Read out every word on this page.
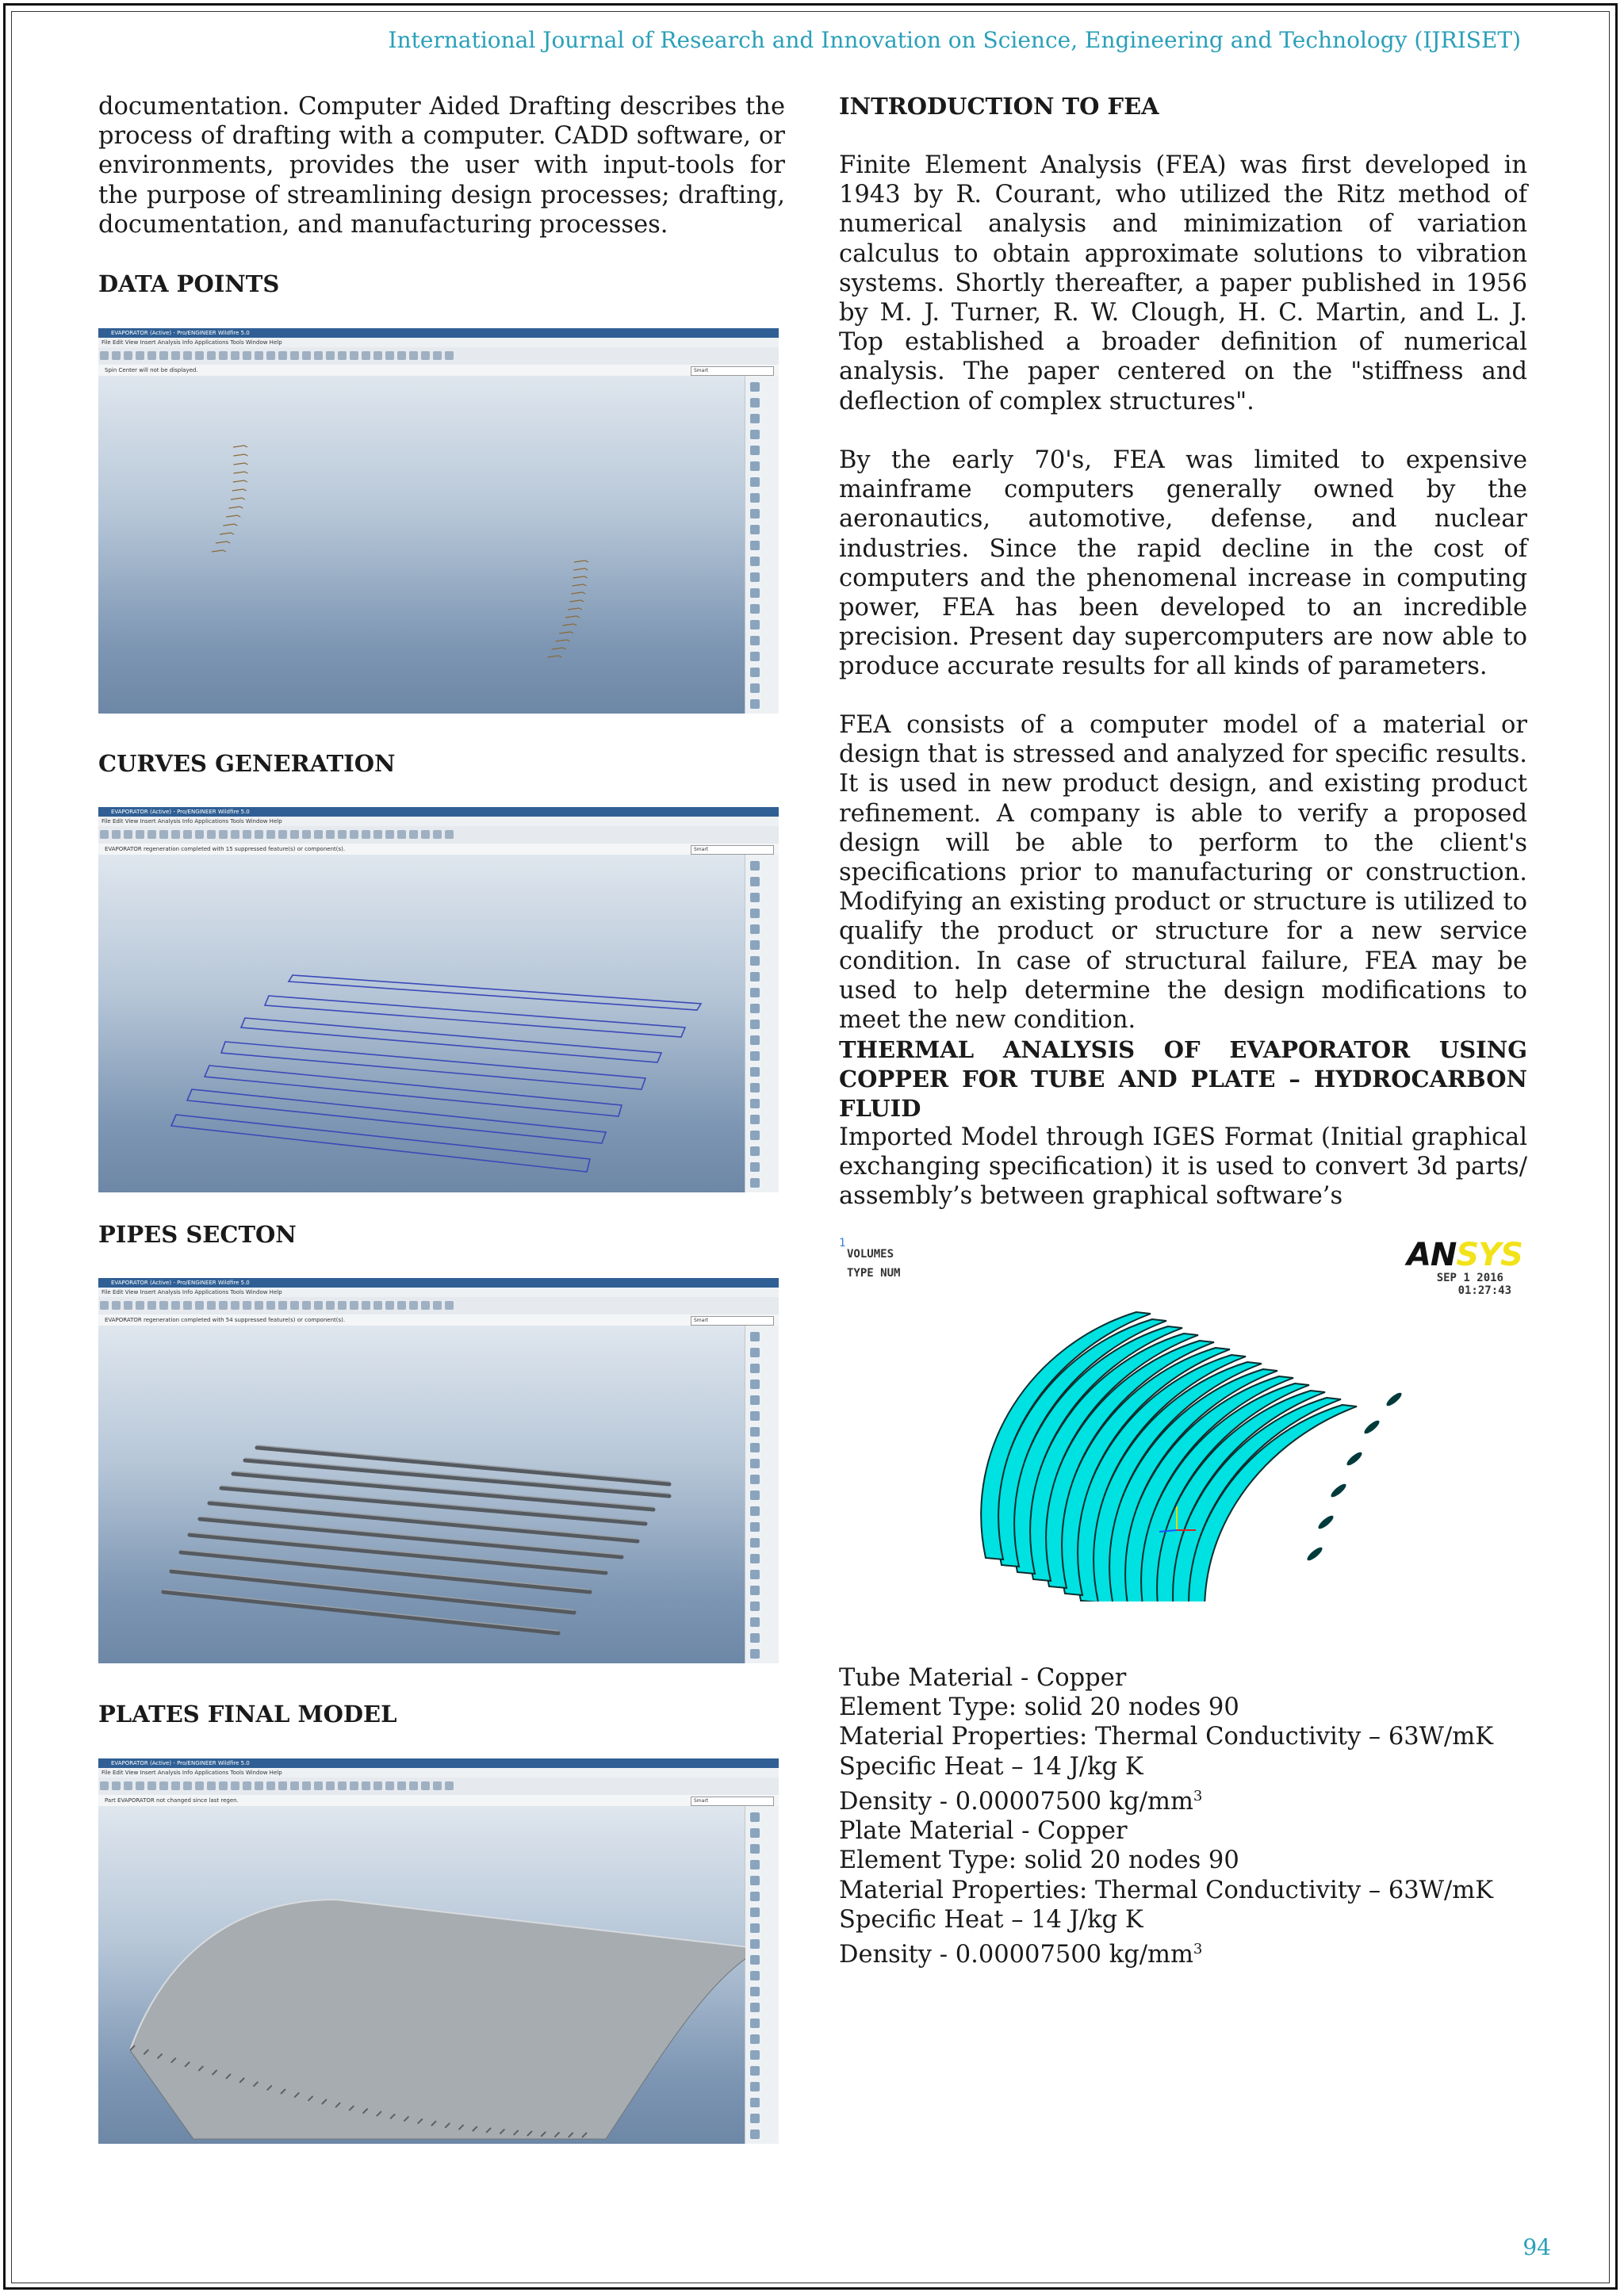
International Journal of Research and Innovation on Science, Engineering and Technology (IJRISET)

documentation. Computer Aided Drafting describes the process of drafting with a computer. CADD software, or environments, provides the user with input-tools for the purpose of streamlining design processes; drafting, documentation, and manufacturing processes.

DATA POINTS
EVAPORATOR (Active) - Pro/ENGINEER Wildfire 5.0
File Edit View Insert Analysis Info Applications Tools Window Help
Spin Center will not be displayed.	Smart
CURVES GENERATION
EVAPORATOR (Active) - Pro/ENGINEER Wildfire 5.0
File Edit View Insert Analysis Info Applications Tools Window Help
EVAPORATOR regeneration completed with 15 suppressed feature(s) or component(s).	Smart
PIPES SECTON
EVAPORATOR (Active) - Pro/ENGINEER Wildfire 5.0
File Edit View Insert Analysis Info Applications Tools Window Help
EVAPORATOR regeneration completed with 54 suppressed feature(s) or component(s).	Smart
PLATES FINAL MODEL
EVAPORATOR (Active) - Pro/ENGINEER Wildfire 5.0
File Edit View Insert Analysis Info Applications Tools Window Help
Part EVAPORATOR not changed since last regen.	Smart
INTRODUCTION TO FEA

Finite Element Analysis (FEA) was first developed in 1943 by R. Courant, who utilized the Ritz method of numerical analysis and minimization of variation calculus to obtain approximate solutions to vibration systems. Shortly thereafter, a paper published in 1956 by M. J. Turner, R. W. Clough, H. C. Martin, and L. J. Top established a broader definition of numerical analysis. The paper centered on the "stiffness and deflection of complex structures".

By the early 70's, FEA was limited to expensive mainframe computers generally owned by the aeronautics, automotive, defense, and nuclear industries. Since the rapid decline in the cost of computers and the phenomenal increase in computing power, FEA has been developed to an incredible precision. Present day supercomputers are now able to produce accurate results for all kinds of parameters.

FEA consists of a computer model of a material or design that is stressed and analyzed for specific results. It is used in new product design, and existing product refinement. A company is able to verify a proposed design will be able to perform to the client's specifications prior to manufacturing or construction. Modifying an existing product or structure is utilized to qualify the product or structure for a new service condition. In case of structural failure, FEA may be used to help determine the design modifications to meet the new condition.

THERMAL ANALYSIS OF EVAPORATOR USING COPPER FOR TUBE AND PLATE – HYDROCARBON FLUID

Imported Model through IGES Format (Initial graphical exchanging specification) it is used to convert 3d parts/ assembly’s between graphical software’s

1
VOLUMES
TYPE NUM	ANSYS
SEP 1 2016
01:27:43

Tube Material - Copper

Element Type: solid 20 nodes 90

Material Properties: Thermal Conductivity – 63W/mK

Specific Heat – 14 J/kg K

Density - 0.00007500 $kg/mm^3$

Plate Material - Copper

Element Type: solid 20 nodes 90

Material Properties: Thermal Conductivity – 63W/mK

Specific Heat – 14 J/kg K

Density - 0.00007500 $kg/mm^3$

94
